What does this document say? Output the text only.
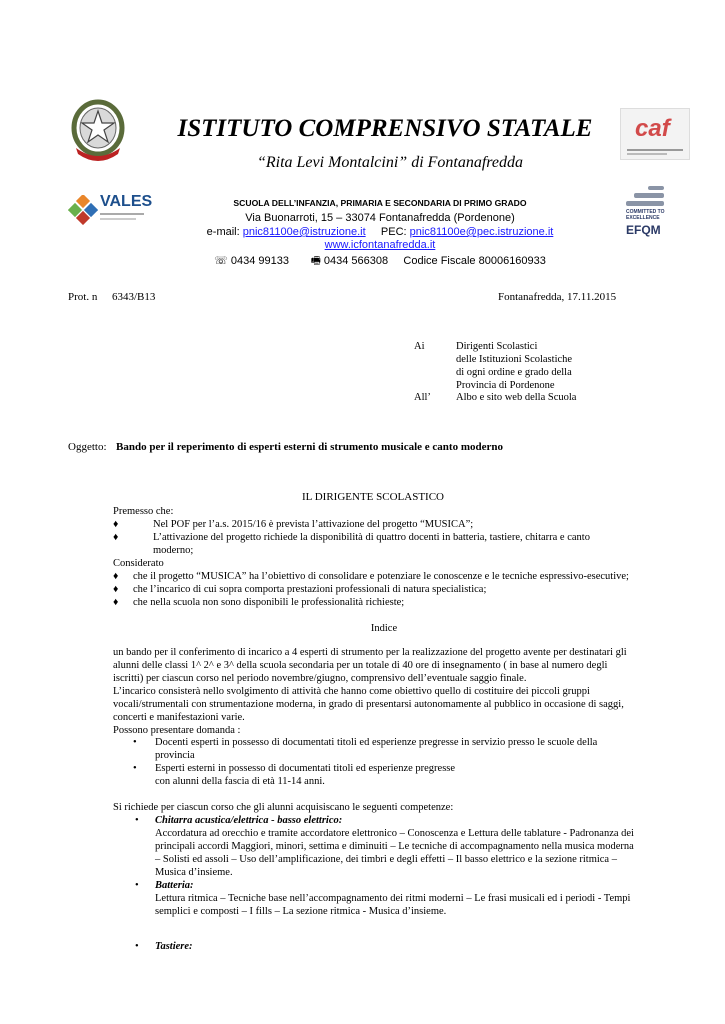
caf
VALES
COMMITTED TO EXCELLENCE
EFQM
ISTITUTO COMPRENSIVO STATALE
“Rita Levi Montalcini” di Fontanafredda
SCUOLA DELL’INFANZIA, PRIMARIA E SECONDARIA DI PRIMO GRADO
Via Buonarroti, 15 – 33074 Fontanafredda (Pordenone)
e-mail: pnic81100e@istruzione.it PEC: pnic81100e@pec.istruzione.it
www.icfontanafredda.it
☏ 0434 99133 🖷 0434 566308 Codice Fiscale 80006160933
Prot. n 6343/B13	Fontanafredda, 17.11.2015
Ai	Dirigenti Scolastici
delle Istituzioni Scolastiche
di ogni ordine e grado della
Provincia di Pordenone
All’ Albo e sito web della Scuola
Oggetto: Bando per il reperimento di esperti esterni di strumento musicale e canto moderno
IL DIRIGENTE SCOLASTICO
Premesso che:
♦	Nel POF per l’a.s. 2015/16 è prevista l’attivazione del progetto “MUSICA”;
♦	L’attivazione del progetto richiede la disponibilità di quattro docenti in batteria, tastiere, chitarra e canto
moderno;
Considerato
♦ che il progetto “MUSICA” ha l’obiettivo di consolidare e potenziare le conoscenze e le tecniche espressivo-esecutive;
♦ che l’incarico di cui sopra comporta prestazioni professionali di natura specialistica;
♦ che nella scuola non sono disponibili le professionalità richieste;
Indice
un bando per il conferimento di incarico a 4 esperti di strumento per la realizzazione del progetto avente per destinatari gli
alunni delle classi 1^ 2^ e 3^ della scuola secondaria per un totale di 40 ore di insegnamento ( in base al numero degli
iscritti) per ciascun corso nel periodo novembre/giugno, comprensivo dell’eventuale saggio finale.
L’incarico consisterà nello svolgimento di attività che hanno come obiettivo quello di costituire dei piccoli gruppi
vocali/strumentali con strumentazione moderna, in grado di presentarsi autonomamente al pubblico in occasione di saggi,
concerti e manifestazioni varie.
Possono presentare domanda :
• Docenti esperti in possesso di documentati titoli ed esperienze pregresse in servizio presso le scuole della
provincia
• Esperti esterni in possesso di documentati titoli ed esperienze pregresse
con alunni della fascia di età 11-14 anni.
Si richiede per ciascun corso che gli alunni acquisiscano le seguenti competenze:
• Chitarra acustica/elettrica - basso elettrico:
Accordatura ad orecchio e tramite accordatore elettronico – Conoscenza e Lettura delle tablature - Padronanza dei
principali accordi Maggiori, minori, settima e diminuiti – Le tecniche di accompagnamento nella musica moderna
– Solisti ed assoli – Uso dell’amplificazione, dei timbri e degli effetti – Il basso elettrico e la sezione ritmica –
Musica d’insieme.
• Batteria:
Lettura ritmica – Tecniche base nell’accompagnamento dei ritmi moderni – Le frasi musicali ed i periodi - Tempi
semplici e composti – I fills – La sezione ritmica - Musica d’insieme.
• Tastiere:
